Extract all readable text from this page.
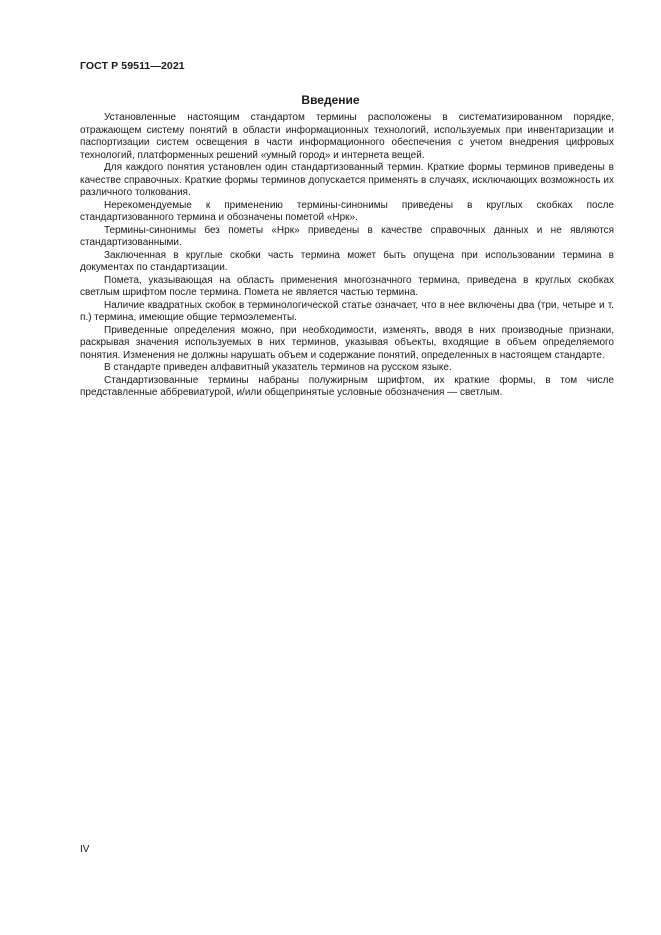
ГОСТ Р 59511—2021

Введение

Установленные настоящим стандартом термины расположены в систематизированном порядке, отражающем систему понятий в области информационных технологий, используемых при инвентаризации и паспортизации систем освещения в части информационного обеспечения с учетом внедрения цифровых технологий, платформенных решений «умный город» и интернета вещей.

Для каждого понятия установлен один стандартизованный термин. Краткие формы терминов приведены в качестве справочных. Краткие формы терминов допускается применять в случаях, исключающих возможность их различного толкования.

Нерекомендуемые к применению термины-синонимы приведены в круглых скобках после стандартизованного термина и обозначены пометой «Нрк».

Термины-синонимы без пометы «Нрк» приведены в качестве справочных данных и не являются стандартизованными.

Заключенная в круглые скобки часть термина может быть опущена при использовании термина в документах по стандартизации.

Помета, указывающая на область применения многозначного термина, приведена в круглых скобках светлым шрифтом после термина. Помета не является частью термина.

Наличие квадратных скобок в терминологической статье означает, что в нее включены два (три, четыре и т. п.) термина, имеющие общие термоэлементы.

Приведенные определения можно, при необходимости, изменять, вводя в них производные признаки, раскрывая значения используемых в них терминов, указывая объекты, входящие в объем определяемого понятия. Изменения не должны нарушать объем и содержание понятий, определенных в настоящем стандарте.

В стандарте приведен алфавитный указатель терминов на русском языке.

Стандартизованные термины набраны полужирным шрифтом, их краткие формы, в том числе представленные аббревиатурой, и/или общепринятые условные обозначения — светлым.

IV
